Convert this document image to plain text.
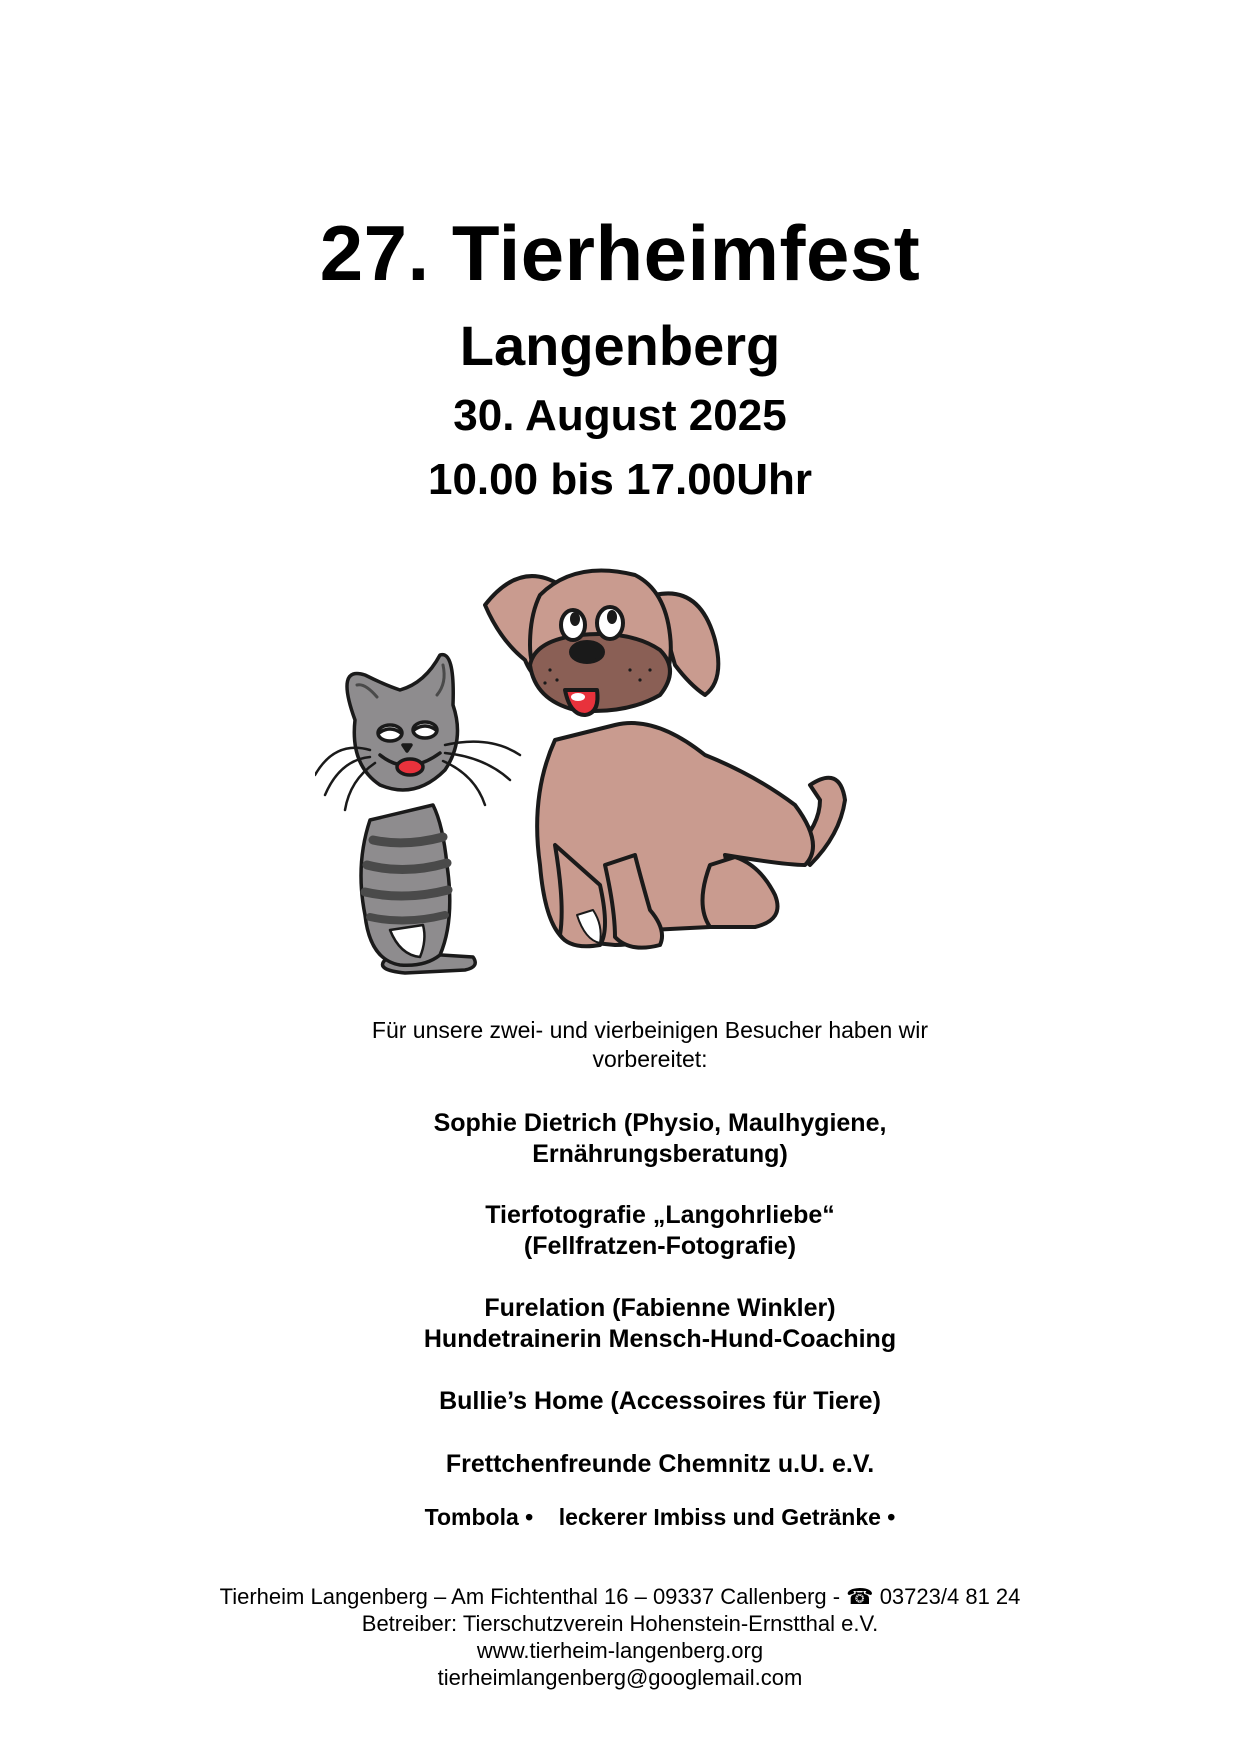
27. Tierheimfest
Langenberg
30. August 2025
10.00 bis 17.00Uhr
Für unsere zwei- und vierbeinigen Besucher haben wir
vorbereitet:
Sophie Dietrich (Physio, Maulhygiene,
Ernährungsberatung)
Tierfotografie „Langohrliebe“
(Fellfratzen-Fotografie)
Furelation (Fabienne Winkler)
Hundetrainerin Mensch-Hund-Coaching
Bullie’s Home (Accessoires für Tiere)
Frettchenfreunde Chemnitz u.U. e.V.
Tombola •    leckerer Imbiss und Getränke •
Tierheim Langenberg – Am Fichtenthal 16 – 09337 Callenberg - ☎ 03723/4 81 24
Betreiber: Tierschutzverein Hohenstein-Ernstthal e.V.
www.tierheim-langenberg.org
tierheimlangenberg@googlemail.com
